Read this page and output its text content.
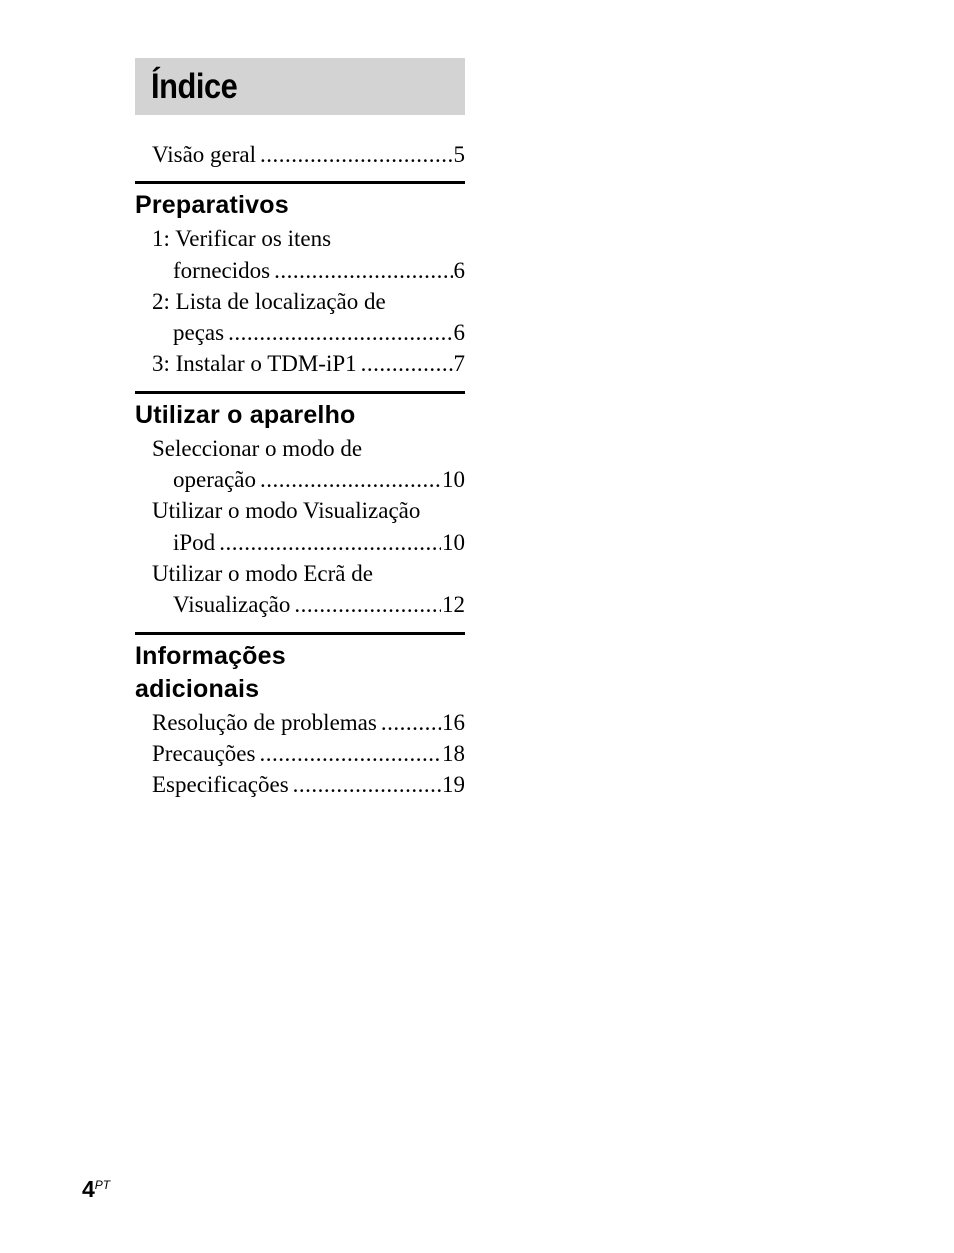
Índice
Visão geral .....	5
Preparativos
1: Verificar os itens
fornecidos .....	6
2: Lista de localização de
peças .....	6
3: Instalar o TDM-iP1 .....	7
Utilizar o aparelho
Seleccionar o modo de
operação .....	10
Utilizar o modo Visualização
iPod .....	10
Utilizar o modo Ecrã de
Visualização .....	12
Informações
adicionais
Resolução de problemas .....	16
Precauções .....	18
Especificações .....	19
$4^{PT}$
